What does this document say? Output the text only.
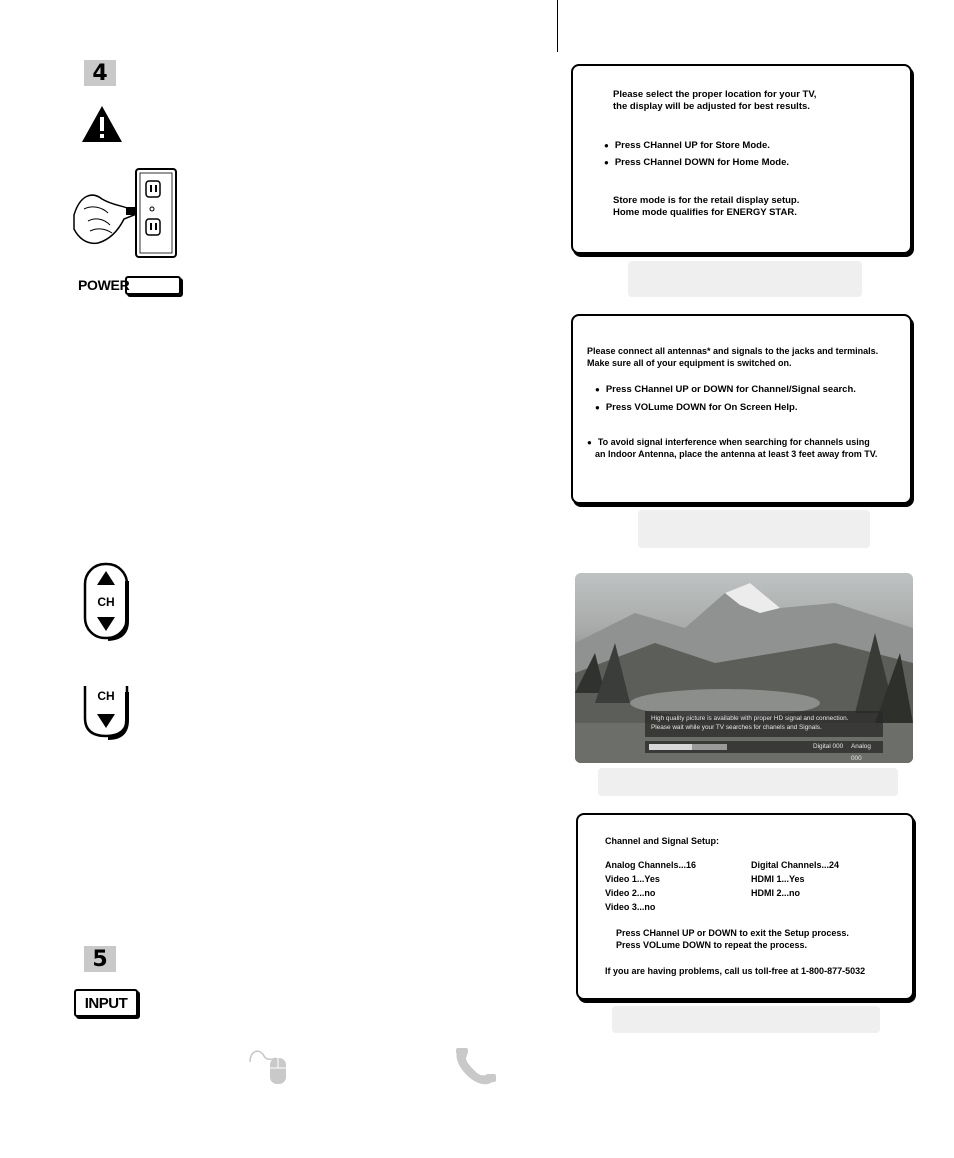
4
POWER

Please select the proper location for your TV,

the display will be adjusted for best results.

● Press CHannel UP for Store Mode.

● Press CHannel DOWN for Home Mode.

Store mode is for the retail display setup.

Home mode qualifies for ENERGY STAR.

Please connect all antennas* and signals to the jacks and terminals.

Make sure all of your equipment is switched on.

● Press CHannel UP or DOWN for Channel/Signal search.

● Press VOLume DOWN for On Screen Help.

● To avoid signal interference when searching for channels using

an Indoor Antenna, place the antenna at least 3 feet away from TV.

CH
CH
High quality picture is available with proper HD signal and connection.
Please wait while your TV searches for chanels and Signals.
Digital 000 Analog 000

Channel and Signal Setup:

Analog Channels...16	Digital Channels...24
Video 1...Yes	HDMI 1...Yes
Video 2...no	HDMI 2...no
Video 3...no

Press CHannel UP or DOWN to exit the Setup process.

Press VOLume DOWN to repeat the process.

If you are having problems, call us toll-free at 1-800-877-5032

5
INPUT
